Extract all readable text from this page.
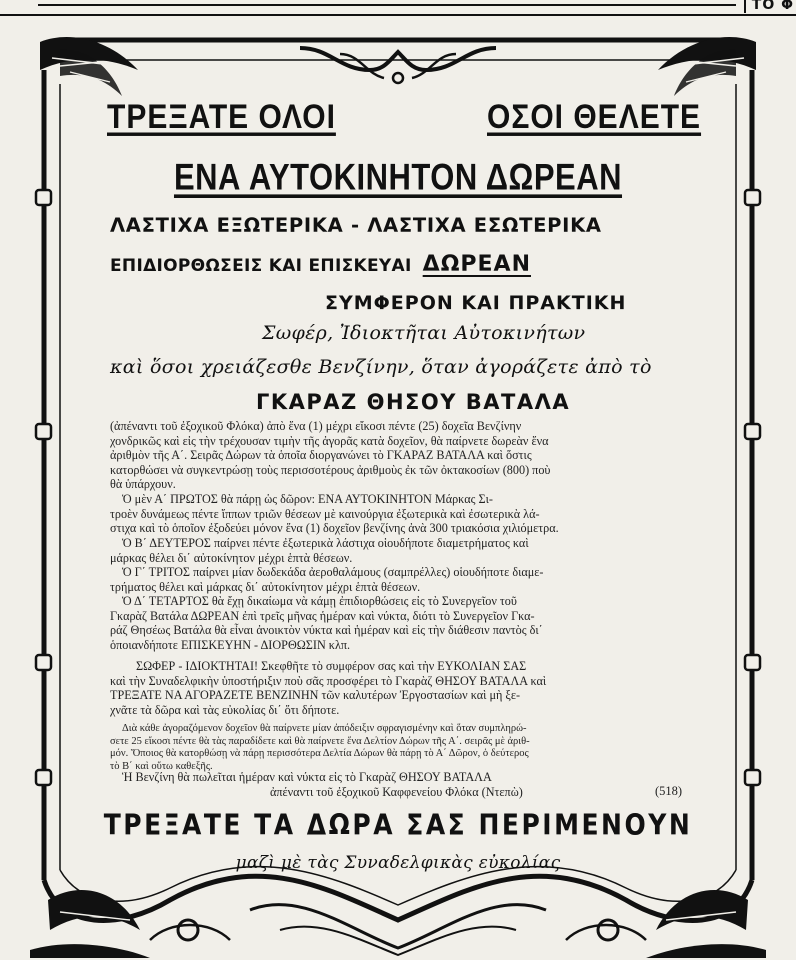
ΤΟ Φ
ΤΡΕΞΑΤΕ ΟΛΟΙ	ΟΣΟΙ ΘΕΛΕΤΕ
ΕΝΑ ΑΥΤΟΚΙΝΗΤΟΝ ΔΩΡΕΑΝ
ΛΑΣΤΙΧΑ ΕΞΩΤΕΡΙΚΑ - ΛΑΣΤΙΧΑ ΕΣΩΤΕΡΙΚΑ
ΕΠΙΔΙΟΡΘΩΣΕΙΣ ΚΑΙ ΕΠΙΣΚΕΥΑΙ ΔΩΡΕΑΝ
ΣΥΜΦΕΡΟΝ ΚΑΙ ΠΡΑΚΤΙΚΗ
Σωφέρ, Ἰδιοκτῆται Αὐτοκινήτων
καὶ ὅσοι χρειάζεσθε Βενζίνην, ὅταν ἀγοράζετε ἀπὸ τὸ
ΓΚΑΡΑΖ ΘΗΣΟΥ ΒΑΤΑΛΑ
(ἀπέναντι τοῦ ἐξοχικοῦ Φλόκα) ἀπὸ ἕνα (1) μέχρι εἴκοσι πέντε (25) δοχεῖα Βενζίνην
χονδρικῶς καὶ εἰς τὴν τρέχουσαν τιμὴν τῆς ἀγορᾶς κατὰ δοχεῖον, θὰ παίρνετε δωρεὰν ἕνα
ἀριθμὸν τῆς Α΄. Σειρᾶς Δώρων τὰ ὁποῖα διοργανώνει τὸ ΓΚΑΡΑΖ ΒΑΤΑΛΑ καὶ ὅστις
κατορθώσει νὰ συγκεντρώσῃ τοὺς περισσοτέρους ἀριθμοὺς ἐκ τῶν ὀκτακοσίων (800) ποὺ
θὰ ὑπάρχουν.
Ὁ μὲν Α΄ ΠΡΩΤΟΣ θὰ πάρῃ ὡς δῶρον: ΕΝΑ ΑΥΤΟΚΙΝΗΤΟΝ Μάρκας Σι-
τροὲν δυνάμεως πέντε ἵππων τριῶν θέσεων μὲ καινούργια ἐξωτερικὰ καὶ ἐσωτερικὰ λά-
στιχα καὶ τὸ ὁποῖον ἐξοδεύει μόνον ἕνα (1) δοχεῖον βενζίνης ἀνὰ 300 τριακόσια χιλιόμετρα.
Ὁ Β΄ ΔΕΥΤΕΡΟΣ παίρνει πέντε ἐξωτερικὰ λάστιχα οἱουδήποτε διαμετρήματος καὶ
μάρκας θέλει δι΄ αὐτοκίνητον μέχρι ἑπτὰ θέσεων.
Ὁ Γ΄ ΤΡΙΤΟΣ παίρνει μίαν δωδεκάδα ἀεροθαλάμους (σαμπρέλλες) οἱουδήποτε διαμε-
τρήματος θέλει καὶ μάρκας δι΄ αὐτοκίνητον μέχρι ἑπτὰ θέσεων.
Ὁ Δ΄ ΤΕΤΑΡΤΟΣ θὰ ἔχῃ δικαίωμα νὰ κάμῃ ἐπιδιορθώσεις εἰς τὸ Συνεργεῖον τοῦ
Γκαρὰζ Βατάλα ΔΩΡΕΑΝ ἐπὶ τρεῖς μῆνας ἡμέραν καὶ νύκτα, διότι τὸ Συνεργεῖον Γκα-
ράζ Θησέως Βατάλα θὰ εἶναι ἀνοικτὸν νύκτα καὶ ἡμέραν καὶ εἰς τὴν διάθεσιν παντὸς δι΄
ὁποιανδήποτε ΕΠΙΣΚΕΥΗΝ - ΔΙΟΡΘΩΣΙΝ κλπ.
ΣΩΦΕΡ - ΙΔΙΟΚΤΗΤΑΙ! Σκεφθῆτε τὸ συμφέρον σας καὶ τὴν ΕΥΚΟΛΙΑΝ ΣΑΣ
καὶ τὴν Συναδελφικὴν ὑποστήριξιν ποὺ σᾶς προσφέρει τὸ Γκαρὰζ ΘΗΣΟΥ ΒΑΤΑΛΑ καὶ
ΤΡΕΞΑΤΕ ΝΑ ΑΓΟΡΑΖΕΤΕ ΒΕΝΖΙΝΗΝ τῶν καλυτέρων Ἐργοστασίων καὶ μὴ ξε-
χνᾶτε τὰ δῶρα καὶ τὰς εὐκολίας δι΄ ὅτι δήποτε.
Διὰ κάθε ἀγοραζόμενον δοχεῖον θὰ παίρνετε μίαν ἀπόδειξιν σφραγισμένην καὶ ὅταν συμπληρώ-
σετε 25 εἴκοσι πέντε θὰ τὰς παραδίδετε καὶ θὰ παίρνετε ἕνα Δελτίον Δώρων τῆς Α΄. σειρᾶς μὲ ἀριθ-
μόν. Ὅποιος θὰ κατορθώσῃ νὰ πάρῃ περισσότερα Δελτία Δώρων θὰ πάρῃ τὸ Α΄ Δῶρον, ὁ δεύτερος
τὸ Β΄ καὶ οὕτω καθεξῆς.
Ἡ Βενζίνη θὰ πωλεῖται ἡμέραν καὶ νύκτα εἰς τὸ Γκαρὰζ ΘΗΣΟΥ ΒΑΤΑΛΑ
ἀπέναντι τοῦ ἐξοχικοῦ Καφφενείου Φλόκα (Ντεπὼ)	(518)
ΤΡΕΞΑΤΕ ΤΑ ΔΩΡΑ ΣΑΣ ΠΕΡΙΜΕΝΟΥΝ
μαζὶ μὲ τὰς Συναδελφικὰς εὐκολίας
